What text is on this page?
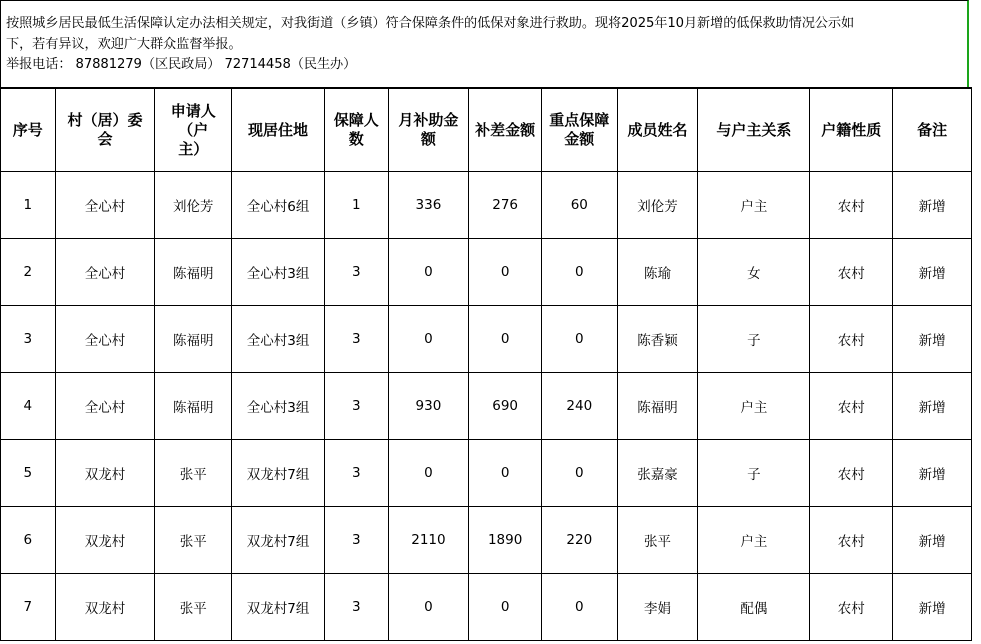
按照城乡居民最低生活保障认定办法相关规定，对我街道（乡镇）符合保障条件的低保对象进行救助。现将2025年10月新增的低保救助情况公示如
下，若有异议，欢迎广大群众监督举报。
举报电话： 87881279（区民政局） 72714458（民生办）
序号	村（居）委会	申请人（户主）	现居住地	保障人数	月补助金额	补差金额	重点保障金额	成员姓名	与户主关系	户籍性质	备注
1	全心村	刘伦芳	全心村6组	1	336	276	60	刘伦芳	户主	农村	新增
2	全心村	陈福明	全心村3组	3	0	0	0	陈瑜	女	农村	新增
3	全心村	陈福明	全心村3组	3	0	0	0	陈香颖	子	农村	新增
4	全心村	陈福明	全心村3组	3	930	690	240	陈福明	户主	农村	新增
5	双龙村	张平	双龙村7组	3	0	0	0	张嘉豪	子	农村	新增
6	双龙村	张平	双龙村7组	3	2110	1890	220	张平	户主	农村	新增
7	双龙村	张平	双龙村7组	3	0	0	0	李娟	配偶	农村	新增
